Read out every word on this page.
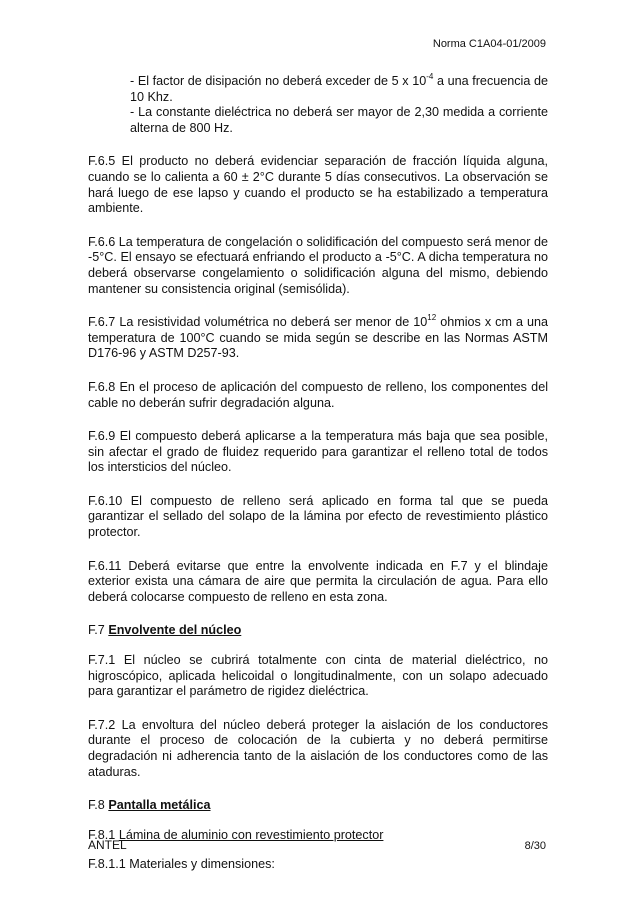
Norma C1A04-01/2009

- El factor de disipación no deberá exceder de 5 x $10^{-4}$ a una frecuencia de 10 Khz.

- La constante dieléctrica no deberá ser mayor de 2,30 medida a corriente alterna de 800 Hz.

F.6.5 El producto no deberá evidenciar separación de fracción líquida alguna, cuando se lo calienta a 60 ± 2°C durante 5 días consecutivos. La observación se hará luego de ese lapso y cuando el producto se ha estabilizado a temperatura ambiente.

F.6.6 La temperatura de congelación o solidificación del compuesto será menor de -5°C. El ensayo se efectuará enfriando el producto a -5°C. A dicha temperatura no deberá observarse congelamiento o solidificación alguna del mismo, debiendo mantener su consistencia original (semisólida).

F.6.7 La resistividad volumétrica no deberá ser menor de $10^{12}$ ohmios x cm a una temperatura de 100°C cuando se mida según se describe en las Normas ASTM D176-96 y ASTM D257-93.

F.6.8 En el proceso de aplicación del compuesto de relleno, los componentes del cable no deberán sufrir degradación alguna.

F.6.9 El compuesto deberá aplicarse a la temperatura más baja que sea posible, sin afectar el grado de fluidez requerido para garantizar el relleno total de todos los intersticios del núcleo.

F.6.10 El compuesto de relleno será aplicado en forma tal que se pueda garantizar el sellado del solapo de la lámina por efecto de revestimiento plástico protector.

F.6.11 Deberá evitarse que entre la envolvente indicada en F.7 y el blindaje exterior exista una cámara de aire que permita la circulación de agua. Para ello deberá colocarse compuesto de relleno en esta zona.

F.7 Envolvente del núcleo

F.7.1 El núcleo se cubrirá totalmente con cinta de material dieléctrico, no higroscópico, aplicada helicoidal o longitudinalmente, con un solapo adecuado para garantizar el parámetro de rigidez dieléctrica.

F.7.2 La envoltura del núcleo deberá proteger la aislación de los conductores durante el proceso de colocación de la cubierta y no deberá permitirse degradación ni adherencia tanto de la aislación de los conductores como de las ataduras.

F.8 Pantalla metálica

F.8.1 Lámina de aluminio con revestimiento protector

F.8.1.1 Materiales y dimensiones:

ANTEL	8/30
